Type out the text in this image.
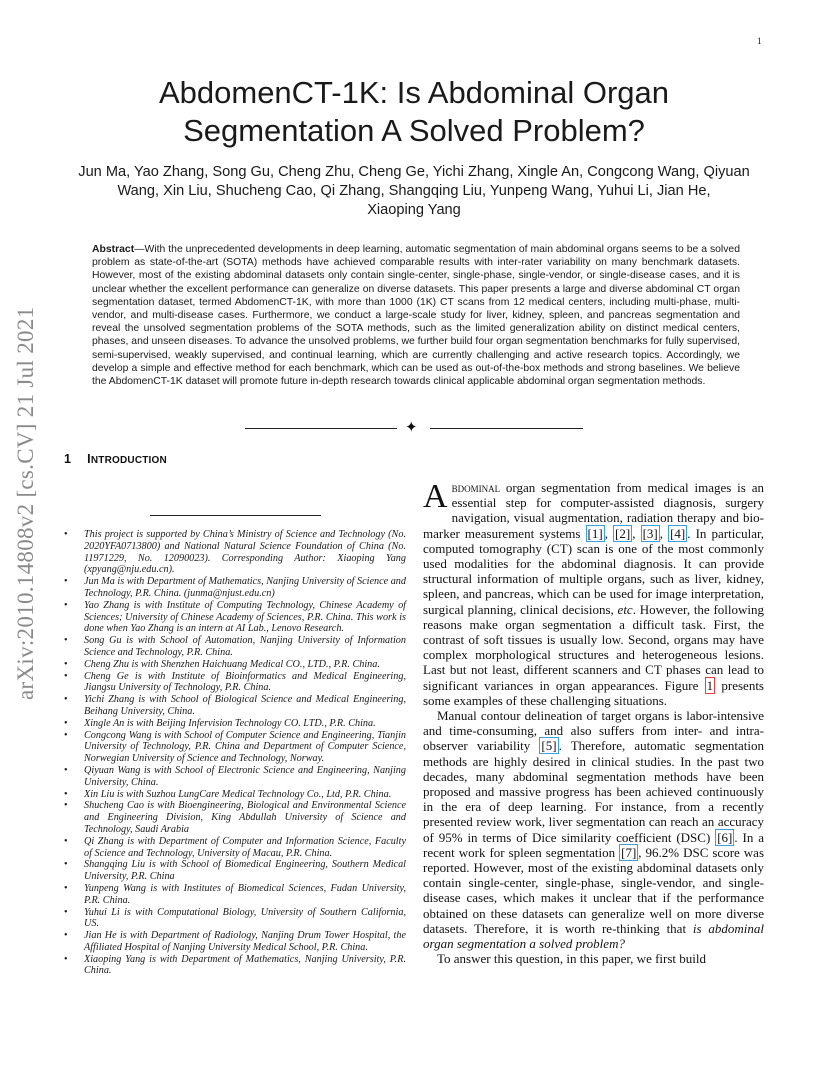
1
AbdomenCT-1K: Is Abdominal Organ
Segmentation A Solved Problem?
Jun Ma, Yao Zhang, Song Gu, Cheng Zhu, Cheng Ge, Yichi Zhang, Xingle An, Congcong Wang, Qiyuan
Wang, Xin Liu, Shucheng Cao, Qi Zhang, Shangqing Liu, Yunpeng Wang, Yuhui Li, Jian He,
Xiaoping Yang
Abstract—With the unprecedented developments in deep learning, automatic segmentation of main abdominal organs seems to be a solved problem as state-of-the-art (SOTA) methods have achieved comparable results with inter-rater variability on many benchmark datasets. However, most of the existing abdominal datasets only contain single-center, single-phase, single-vendor, or single-disease cases, and it is unclear whether the excellent performance can generalize on diverse datasets. This paper presents a large and diverse abdominal CT organ segmentation dataset, termed AbdomenCT-1K, with more than 1000 (1K) CT scans from 12 medical centers, including multi-phase, multi-vendor, and multi-disease cases. Furthermore, we conduct a large-scale study for liver, kidney, spleen, and pancreas segmentation and reveal the unsolved segmentation problems of the SOTA methods, such as the limited generalization ability on distinct medical centers, phases, and unseen diseases. To advance the unsolved problems, we further build four organ segmentation benchmarks for fully supervised, semi-supervised, weakly supervised, and continual learning, which are currently challenging and active research topics. Accordingly, we develop a simple and effective method for each benchmark, which can be used as out-of-the-box methods and strong baselines. We believe the AbdomenCT-1K dataset will promote future in-depth research towards clinical applicable abdominal organ segmentation methods.
✦
1 INTRODUCTION
• This project is supported by China’s Ministry of Science and Technology (No. 2020YFA0713800) and National Natural Science Foundation of China (No. 11971229, No. 12090023). Corresponding Author: Xiaoping Yang (xpyang@nju.edu.cn).
• Jun Ma is with Department of Mathematics, Nanjing University of Science and Technology, P.R. China. (junma@njust.edu.cn)
• Yao Zhang is with Institute of Computing Technology, Chinese Academy of Sciences; University of Chinese Academy of Sciences, P.R. China. This work is done when Yao Zhang is an intern at AI Lab., Lenovo Research.
• Song Gu is with School of Automation, Nanjing University of Information Science and Technology, P.R. China.
• Cheng Zhu is with Shenzhen Haichuang Medical CO., LTD., P.R. China.
• Cheng Ge is with Institute of Bioinformatics and Medical Engineering, Jiangsu University of Technology, P.R. China.
• Yichi Zhang is with School of Biological Science and Medical Engineering, Beihang University, China.
• Xingle An is with Beijing Infervision Technology CO. LTD., P.R. China.
• Congcong Wang is with School of Computer Science and Engineering, Tianjin University of Technology, P.R. China and Department of Computer Science, Norwegian University of Science and Technology, Norway.
• Qiyuan Wang is with School of Electronic Science and Engineering, Nanjing University, China.
• Xin Liu is with Suzhou LungCare Medical Technology Co., Ltd, P.R. China.
• Shucheng Cao is with Bioengineering, Biological and Environmental Science and Engineering Division, King Abdullah University of Science and Technology, Saudi Arabia
• Qi Zhang is with Department of Computer and Information Science, Faculty of Science and Technology, University of Macau, P.R. China.
• Shangqing Liu is with School of Biomedical Engineering, Southern Medical University, P.R. China
• Yunpeng Wang is with Institutes of Biomedical Sciences, Fudan University, P.R. China.
• Yuhui Li is with Computational Biology, University of Southern California, US.
• Jian He is with Department of Radiology, Nanjing Drum Tower Hospital, the Affiliated Hospital of Nanjing University Medical School, P.R. China.
• Xiaoping Yang is with Department of Mathematics, Nanjing University, P.R. China.

Abdominal organ segmentation from medical images is an essential step for computer-assisted diagnosis, surgery navigation, visual augmentation, radiation therapy and bio-marker measurement systems [1] , [2] , [3] , [4] . In particular, computed tomography (CT) scan is one of the most commonly used modalities for the abdominal diagnosis. It can provide structural information of multiple organs, such as liver, kidney, spleen, and pancreas, which can be used for image interpretation, surgical planning, clinical decisions, etc. However, the following reasons make organ segmentation a difficult task. First, the contrast of soft tissues is usually low. Second, organs may have complex morphological structures and heterogeneous lesions. Last but not least, different scanners and CT phases can lead to significant variances in organ appearances. Figure 1 presents some examples of these challenging situations.

Manual contour delineation of target organs is labor-intensive and time-consuming, and also suffers from inter- and intra- observer variability [5] . Therefore, automatic segmentation methods are highly desired in clinical studies. In the past two decades, many abdominal segmentation methods have been proposed and massive progress has been achieved continuously in the era of deep learning. For instance, from a recently presented review work, liver segmentation can reach an accuracy of 95% in terms of Dice similarity coefficient (DSC) [6] . In a recent work for spleen segmentation [7] , 96.2% DSC score was reported. However, most of the existing abdominal datasets only contain single-center, single-phase, single-vendor, and single-disease cases, which makes it unclear that if the performance obtained on these datasets can generalize well on more diverse datasets. Therefore, it is worth re-thinking that is abdominal organ segmentation a solved problem?

To answer this question, in this paper, we first build

arXiv:2010.14808v2 [cs.CV] 21 Jul 2021
